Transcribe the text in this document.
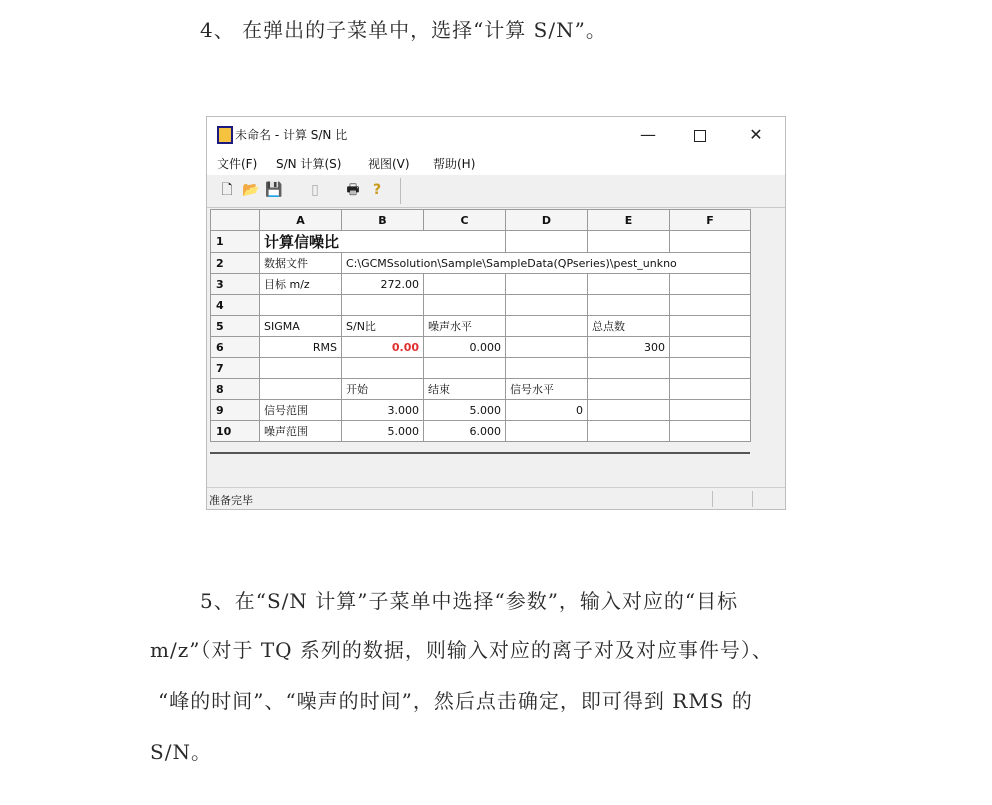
4、 在弹出的子菜单中，选择“计算 S/N”。
未命名 - 计算 S/N 比	—	✕
文件(F) S/N 计算(S) 视图(V) 帮助(H)
🗋 📂 💾 ▯ 🖶 ?
	A	B	C	D	E	F
1	计算信噪比					
2	数据文件	C:\GCMSsolution\Sample\SampleData(QPseries)\pest_unkno				
3	目标 m/z	272.00				
4						
5	SIGMA	S/N比	噪声水平		总点数	
6	RMS	0.00	0.000		300	
7						
8		开始	结束	信号水平		
9	信号范围	3.000	5.000	0		
10	噪声范围	5.000	6.000			
准备完毕
5、在“S/N 计算”子菜单中选择“参数”，输入对应的“目标
m/z”（对于 TQ 系列的数据，则输入对应的离子对及对应事件号）、
“峰的时间”、“噪声的时间”，然后点击确定，即可得到 RMS 的
S/N。
